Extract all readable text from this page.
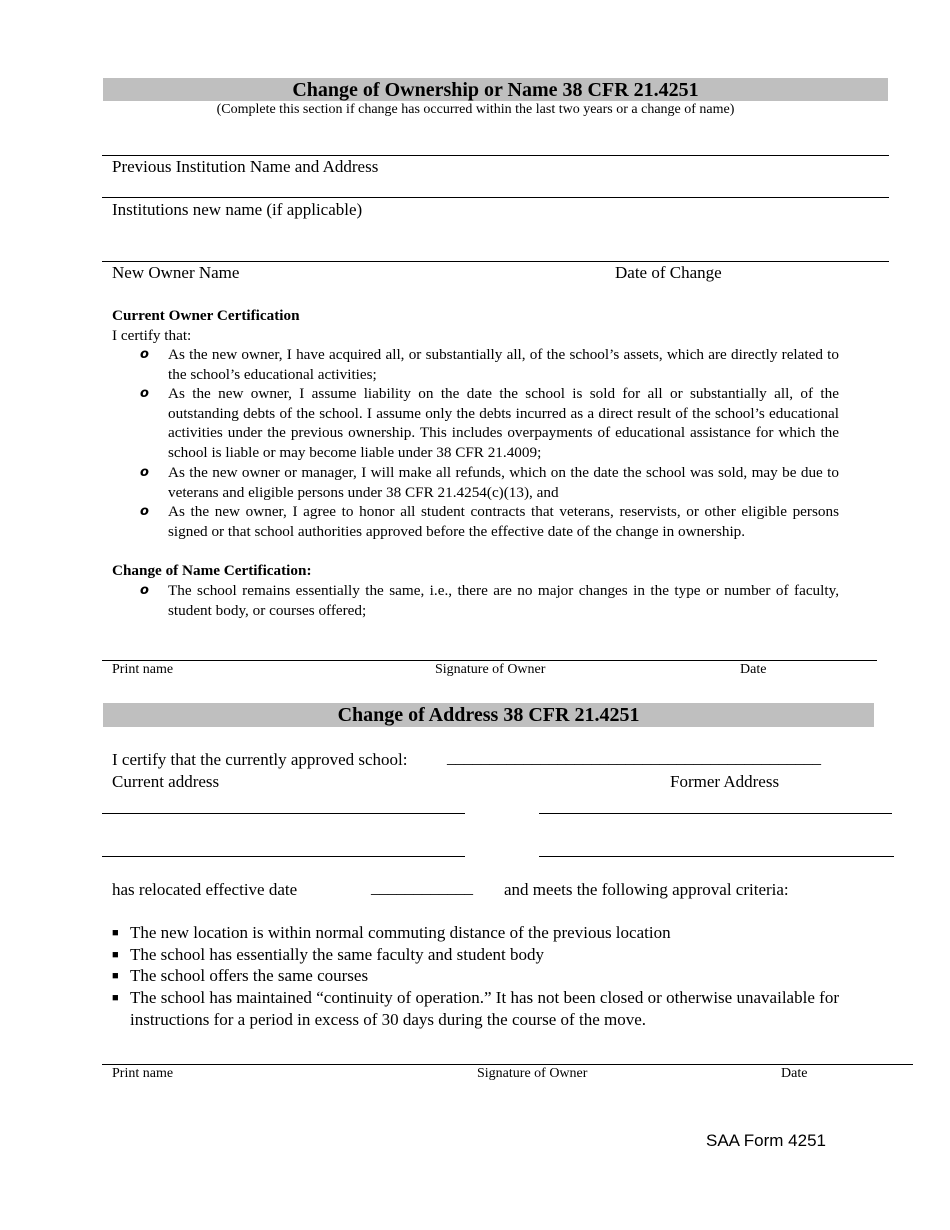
Change of Ownership or Name 38 CFR 21.4251
(Complete this section if change has occurred within the last two years or a change of name)
Previous Institution Name and Address
Institutions new name (if applicable)
New Owner Name	Date of Change
Current Owner Certification
I certify that:
o As the new owner, I have acquired all, or substantially all, of the school’s assets, which are directly related to the school’s educational activities;
o As the new owner, I assume liability on the date the school is sold for all or substantially all, of the outstanding debts of the school. I assume only the debts incurred as a direct result of the school’s educational activities under the previous ownership. This includes overpayments of educational assistance for which the school is liable or may become liable under 38 CFR 21.4009;
o As the new owner or manager, I will make all refunds, which on the date the school was sold, may be due to veterans and eligible persons under 38 CFR 21.4254(c)(13), and
o As the new owner, I agree to honor all student contracts that veterans, reservists, or other eligible persons signed or that school authorities approved before the effective date of the change in ownership.
Change of Name Certification:
o The school remains essentially the same, i.e., there are no major changes in the type or number of faculty, student body, or courses offered;
Print name	Signature of Owner	Date
Change of Address 38 CFR 21.4251
I certify that the currently approved school: ____________________________________________
Current address	Former Address
has relocated effective date	____________ and meets the following approval criteria:
■ The new location is within normal commuting distance of the previous location
■ The school has essentially the same faculty and student body
■ The school offers the same courses
■ The school has maintained “continuity of operation.” It has not been closed or otherwise unavailable for instructions for a period in excess of 30 days during the course of the move.
Print name	Signature of Owner	Date
SAA Form 4251
